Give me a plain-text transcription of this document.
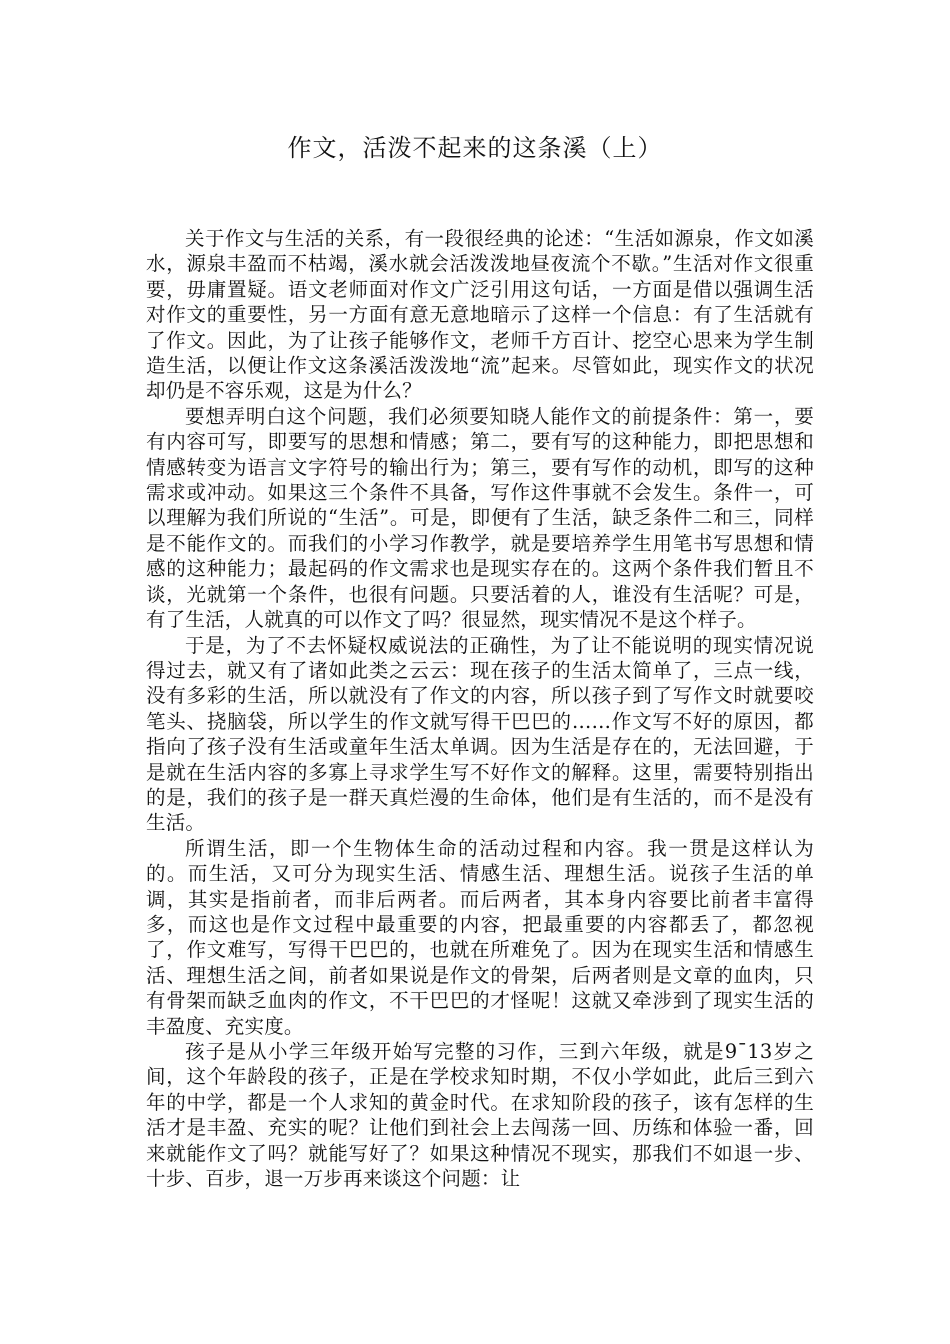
作文，活泼不起来的这条溪（上）

关于作文与生活的关系，有一段很经典的论述：“生活如源泉，作文如溪水，源泉丰盈而不枯竭，溪水就会活泼泼地昼夜流个不歇。”生活对作文很重要，毋庸置疑。语文老师面对作文广泛引用这句话，一方面是借以强调生活对作文的重要性，另一方面有意无意地暗示了这样一个信息：有了生活就有了作文。因此，为了让孩子能够作文，老师千方百计、挖空心思来为学生制造生活，以便让作文这条溪活泼泼地“流”起来。尽管如此，现实作文的状况却仍是不容乐观，这是为什么？

要想弄明白这个问题，我们必须要知晓人能作文的前提条件：第一，要有内容可写，即要写的思想和情感；第二，要有写的这种能力，即把思想和情感转变为语言文字符号的输出行为；第三，要有写作的动机，即写的这种需求或冲动。如果这三个条件不具备，写作这件事就不会发生。条件一，可以理解为我们所说的“生活”。可是，即便有了生活，缺乏条件二和三，同样是不能作文的。而我们的小学习作教学，就是要培养学生用笔书写思想和情感的这种能力；最起码的作文需求也是现实存在的。这两个条件我们暂且不谈，光就第一个条件，也很有问题。只要活着的人，谁没有生活呢？可是，有了生活，人就真的可以作文了吗？很显然，现实情况不是这个样子。

于是，为了不去怀疑权威说法的正确性，为了让不能说明的现实情况说得过去，就又有了诸如此类之云云：现在孩子的生活太简单了，三点一线，没有多彩的生活，所以就没有了作文的内容，所以孩子到了写作文时就要咬笔头、挠脑袋，所以学生的作文就写得干巴巴的……作文写不好的原因，都指向了孩子没有生活或童年生活太单调。因为生活是存在的，无法回避，于是就在生活内容的多寡上寻求学生写不好作文的解释。这里，需要特别指出的是，我们的孩子是一群天真烂漫的生命体，他们是有生活的，而不是没有生活。

所谓生活，即一个生物体生命的活动过程和内容。我一贯是这样认为的。而生活，又可分为现实生活、情感生活、理想生活。说孩子生活的单调，其实是指前者，而非后两者。而后两者，其本身内容要比前者丰富得多，而这也是作文过程中最重要的内容，把最重要的内容都丢了，都忽视了，作文难写，写得干巴巴的，也就在所难免了。因为在现实生活和情感生活、理想生活之间，前者如果说是作文的骨架，后两者则是文章的血肉，只有骨架而缺乏血肉的作文，不干巴巴的才怪呢！这就又牵涉到了现实生活的丰盈度、充实度。

孩子是从小学三年级开始写完整的习作，三到六年级，就是9¯13岁之间，这个年龄段的孩子，正是在学校求知时期，不仅小学如此，此后三到六年的中学，都是一个人求知的黄金时代。在求知阶段的孩子，该有怎样的生活才是丰盈、充实的呢？让他们到社会上去闯荡一回、历练和体验一番，回来就能作文了吗？就能写好了？如果这种情况不现实，那我们不如退一步、十步、百步，退一万步再来谈这个问题：让
